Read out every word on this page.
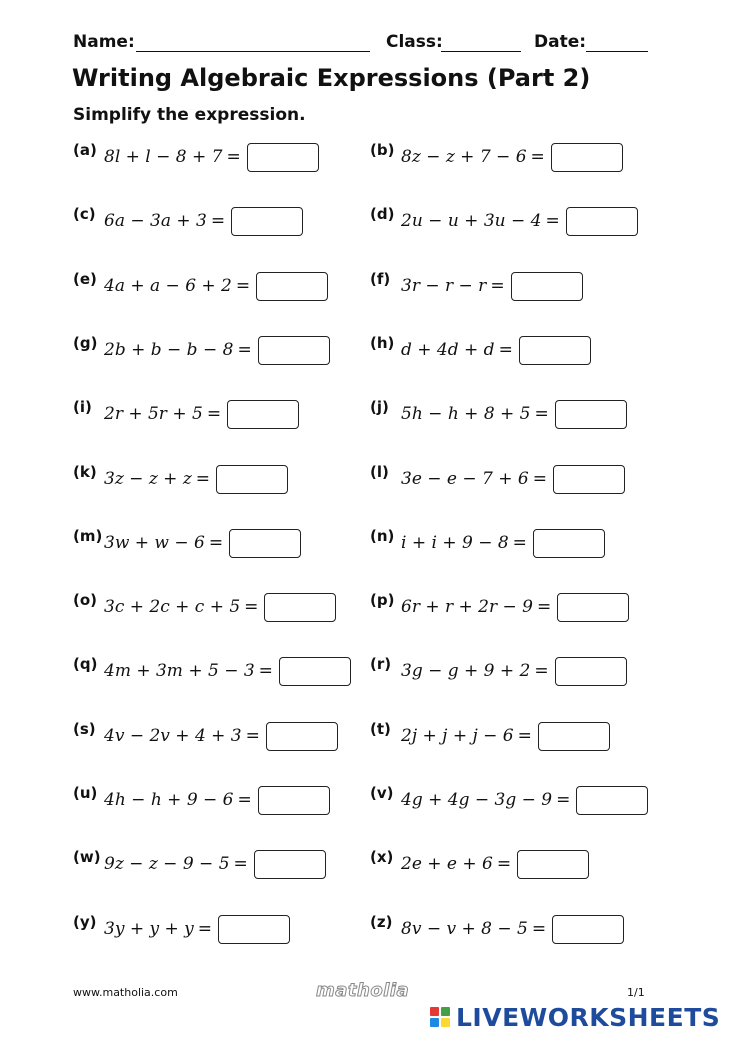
Name:	Class:	Date:
Writing Algebraic Expressions (Part 2)
Simplify the expression.
(a) 8l + l − 8 + 7 =	(b) 8z − z + 7 − 6 =
(c) 6a − 3a + 3 =	(d) 2u − u + 3u − 4 =
(e) 4a + a − 6 + 2 =	(f) 3r − r − r =
(g) 2b + b − b − 8 =	(h) d + 4d + d =
(i) 2r + 5r + 5 =	(j) 5h − h + 8 + 5 =
(k) 3z − z + z =	(l) 3e − e − 7 + 6 =
(m) 3w + w − 6 =	(n) i + i + 9 − 8 =
(o) 3c + 2c + c + 5 =	(p) 6r + r + 2r − 9 =
(q) 4m + 3m + 5 − 3 =	(r) 3g − g + 9 + 2 =
(s) 4v − 2v + 4 + 3 =	(t) 2j + j + j − 6 =
(u) 4h − h + 9 − 6 =	(v) 4g + 4g − 3g − 9 =
(w) 9z − z − 9 − 5 =	(x) 2e + e + 6 =
(y) 3y + y + y =	(z) 8v − v + 8 − 5 =
www.matholia.com	matholia	1/1
LIVEWORKSHEETS
